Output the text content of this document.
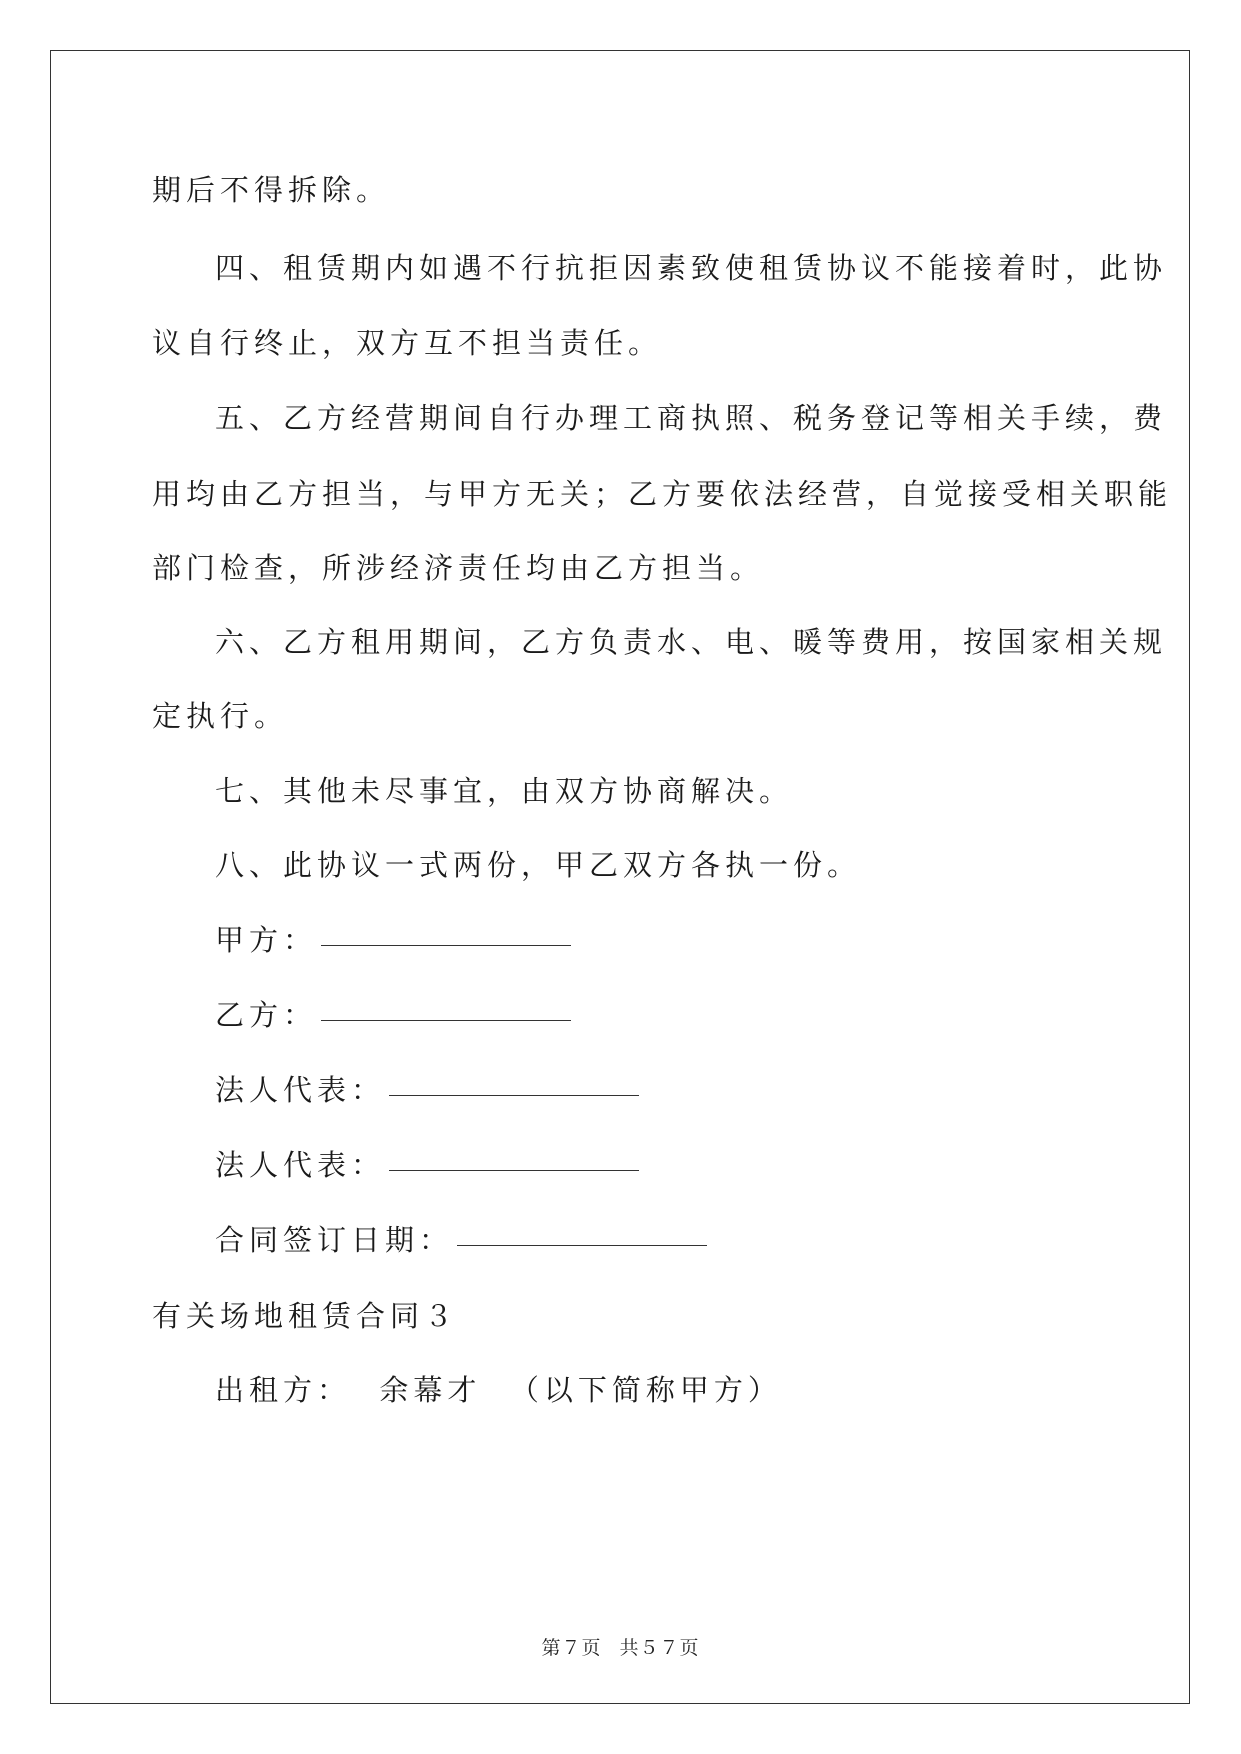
期后不得拆除。
四、租赁期内如遇不行抗拒因素致使租赁协议不能接着时，此协
议自行终止，双方互不担当责任。
五、乙方经营期间自行办理工商执照、税务登记等相关手续，费
用均由乙方担当，与甲方无关；乙方要依法经营，自觉接受相关职能
部门检查，所涉经济责任均由乙方担当。
六、乙方租用期间，乙方负责水、电、暖等费用，按国家相关规
定执行。
七、其他未尽事宜，由双方协商解决。
八、此协议一式两份，甲乙双方各执一份。
甲方：
乙方：
法人代表：
法人代表：
合同签订日期：
有关场地租赁合同３
出租方：  余幕才  （以下简称甲方）
第７页 共５７页
